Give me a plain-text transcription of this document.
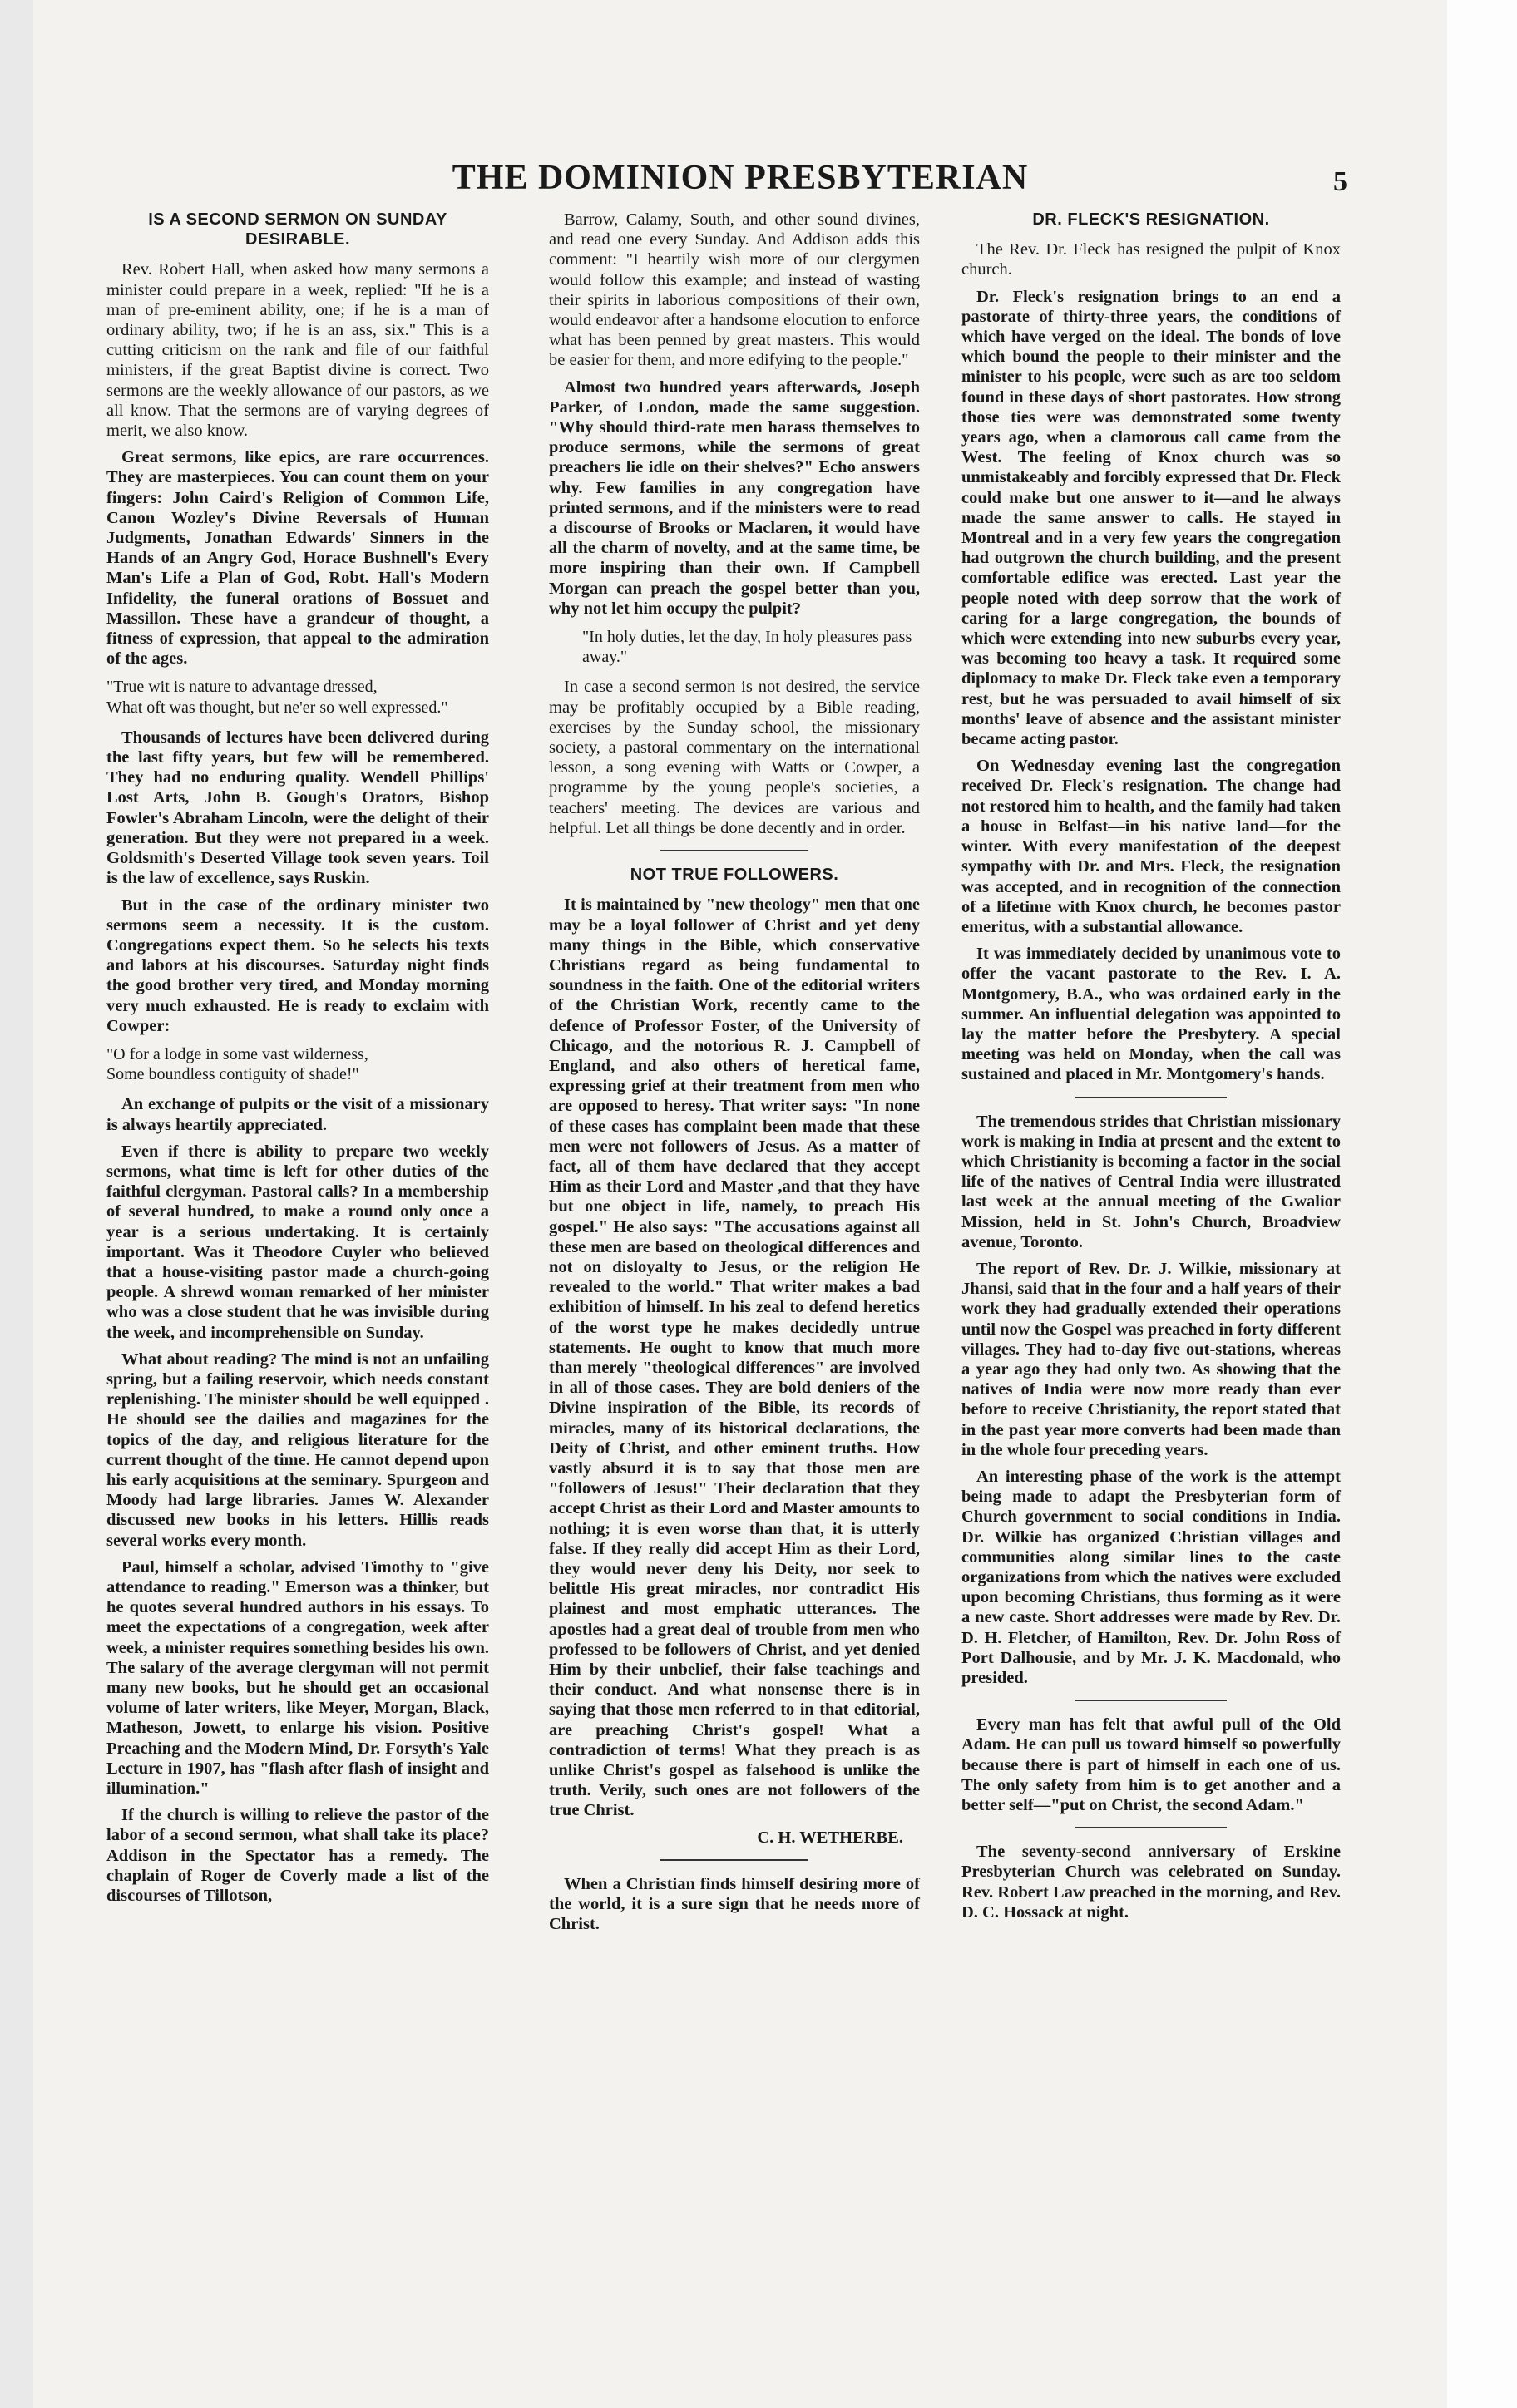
THE DOMINION PRESBYTERIAN	5
IS A SECOND SERMON ON SUNDAY DESIRABLE.

Rev. Robert Hall, when asked how many sermons a minister could prepare in a week, replied: "If he is a man of pre-eminent ability, one; if he is a man of ordinary ability, two; if he is an ass, six." This is a cutting criticism on the rank and file of our faithful ministers, if the great Baptist divine is correct. Two sermons are the weekly allowance of our pastors, as we all know. That the sermons are of varying degrees of merit, we also know.

Great sermons, like epics, are rare occurrences. They are masterpieces. You can count them on your fingers: John Caird's Religion of Common Life, Canon Wozley's Divine Reversals of Human Judgments, Jonathan Edwards' Sinners in the Hands of an Angry God, Horace Bushnell's Every Man's Life a Plan of God, Robt. Hall's Modern Infidelity, the funeral orations of Bossuet and Massillon. These have a grandeur of thought, a fitness of expression, that appeal to the admiration of the ages.

"True wit is nature to advantage dressed,
What oft was thought, but ne'er so well expressed."

Thousands of lectures have been delivered during the last fifty years, but few will be remembered. They had no enduring quality. Wendell Phillips' Lost Arts, John B. Gough's Orators, Bishop Fowler's Abraham Lincoln, were the delight of their generation. But they were not prepared in a week. Goldsmith's Deserted Village took seven years. Toil is the law of excellence, says Ruskin.

But in the case of the ordinary minister two sermons seem a necessity. It is the custom. Congregations expect them. So he selects his texts and labors at his discourses. Saturday night finds the good brother very tired, and Monday morning very much exhausted. He is ready to exclaim with Cowper:

"O for a lodge in some vast wilderness,
Some boundless contiguity of shade!"

An exchange of pulpits or the visit of a missionary is always heartily appreciated.

Even if there is ability to prepare two weekly sermons, what time is left for other duties of the faithful clergyman. Pastoral calls? In a membership of several hundred, to make a round only once a year is a serious undertaking. It is certainly important. Was it Theodore Cuyler who believed that a house-visiting pastor made a church-going people. A shrewd woman remarked of her minister who was a close student that he was invisible during the week, and incomprehensible on Sunday.

What about reading? The mind is not an unfailing spring, but a failing reservoir, which needs constant replenishing. The minister should be well equipped . He should see the dailies and magazines for the topics of the day, and religious literature for the current thought of the time. He cannot depend upon his early acquisitions at the seminary. Spurgeon and Moody had large libraries. James W. Alexander discussed new books in his letters. Hillis reads several works every month.

Paul, himself a scholar, advised Timothy to "give attendance to reading." Emerson was a thinker, but he quotes several hundred authors in his essays. To meet the expectations of a congregation, week after week, a minister requires something besides his own. The salary of the average clergyman will not permit many new books, but he should get an occasional volume of later writers, like Meyer, Morgan, Black, Matheson, Jowett, to enlarge his vision. Positive Preaching and the Modern Mind, Dr. Forsyth's Yale Lecture in 1907, has "flash after flash of insight and illumination."

If the church is willing to relieve the pastor of the labor of a second sermon, what shall take its place? Addison in the Spectator has a remedy. The chaplain of Roger de Coverly made a list of the discourses of Tillotson,

Barrow, Calamy, South, and other sound divines, and read one every Sunday. And Addison adds this comment: "I heartily wish more of our clergymen would follow this example; and instead of wasting their spirits in laborious compositions of their own, would endeavor after a handsome elocution to enforce what has been penned by great masters. This would be easier for them, and more edifying to the people."

Almost two hundred years afterwards, Joseph Parker, of London, made the same suggestion. "Why should third-rate men harass themselves to produce sermons, while the sermons of great preachers lie idle on their shelves?" Echo answers why. Few families in any congregation have printed sermons, and if the ministers were to read a discourse of Brooks or Maclaren, it would have all the charm of novelty, and at the same time, be more inspiring than their own. If Campbell Morgan can preach the gospel better than you, why not let him occupy the pulpit?

"In holy duties, let the day, In holy pleasures pass away."

In case a second sermon is not desired, the service may be profitably occupied by a Bible reading, exercises by the Sunday school, the missionary society, a pastoral commentary on the international lesson, a song evening with Watts or Cowper, a programme by the young people's societies, a teachers' meeting. The devices are various and helpful. Let all things be done decently and in order.

NOT TRUE FOLLOWERS.

It is maintained by "new theology" men that one may be a loyal follower of Christ and yet deny many things in the Bible, which conservative Christians regard as being fundamental to soundness in the faith. One of the editorial writers of the Christian Work, recently came to the defence of Professor Foster, of the University of Chicago, and the notorious R. J. Campbell of England, and also others of heretical fame, expressing grief at their treatment from men who are opposed to heresy. That writer says: "In none of these cases has complaint been made that these men were not followers of Jesus. As a matter of fact, all of them have declared that they accept Him as their Lord and Master ,and that they have but one object in life, namely, to preach His gospel." He also says: "The accusations against all these men are based on theological differences and not on disloyalty to Jesus, or the religion He revealed to the world." That writer makes a bad exhibition of himself. In his zeal to defend heretics of the worst type he makes decidedly untrue statements. He ought to know that much more than merely "theological differences" are involved in all of those cases. They are bold deniers of the Divine inspiration of the Bible, its records of miracles, many of its historical declarations, the Deity of Christ, and other eminent truths. How vastly absurd it is to say that those men are "followers of Jesus!" Their declaration that they accept Christ as their Lord and Master amounts to nothing; it is even worse than that, it is utterly false. If they really did accept Him as their Lord, they would never deny his Deity, nor seek to belittle His great miracles, nor contradict His plainest and most emphatic utterances. The apostles had a great deal of trouble from men who professed to be followers of Christ, and yet denied Him by their unbelief, their false teachings and their conduct. And what nonsense there is in saying that those men referred to in that editorial, are preaching Christ's gospel! What a contradiction of terms! What they preach is as unlike Christ's gospel as falsehood is unlike the truth. Verily, such ones are not followers of the true Christ.

C. H. WETHERBE.

When a Christian finds himself desiring more of the world, it is a sure sign that he needs more of Christ.

DR. FLECK'S RESIGNATION.

The Rev. Dr. Fleck has resigned the pulpit of Knox church.

Dr. Fleck's resignation brings to an end a pastorate of thirty-three years, the conditions of which have verged on the ideal. The bonds of love which bound the people to their minister and the minister to his people, were such as are too seldom found in these days of short pastorates. How strong those ties were was demonstrated some twenty years ago, when a clamorous call came from the West. The feeling of Knox church was so unmistakeably and forcibly expressed that Dr. Fleck could make but one answer to it—and he always made the same answer to calls. He stayed in Montreal and in a very few years the congregation had outgrown the church building, and the present comfortable edifice was erected. Last year the people noted with deep sorrow that the work of caring for a large congregation, the bounds of which were extending into new suburbs every year, was becoming too heavy a task. It required some diplomacy to make Dr. Fleck take even a temporary rest, but he was persuaded to avail himself of six months' leave of absence and the assistant minister became acting pastor.

On Wednesday evening last the congregation received Dr. Fleck's resignation. The change had not restored him to health, and the family had taken a house in Belfast—in his native land—for the winter. With every manifestation of the deepest sympathy with Dr. and Mrs. Fleck, the resignation was accepted, and in recognition of the connection of a lifetime with Knox church, he becomes pastor emeritus, with a substantial allowance.

It was immediately decided by unanimous vote to offer the vacant pastorate to the Rev. I. A. Montgomery, B.A., who was ordained early in the summer. An influential delegation was appointed to lay the matter before the Presbytery. A special meeting was held on Monday, when the call was sustained and placed in Mr. Montgomery's hands.

The tremendous strides that Christian missionary work is making in India at present and the extent to which Christianity is becoming a factor in the social life of the natives of Central India were illustrated last week at the annual meeting of the Gwalior Mission, held in St. John's Church, Broadview avenue, Toronto.

The report of Rev. Dr. J. Wilkie, missionary at Jhansi, said that in the four and a half years of their work they had gradually extended their operations until now the Gospel was preached in forty different villages. They had to-day five out-stations, whereas a year ago they had only two. As showing that the natives of India were now more ready than ever before to receive Christianity, the report stated that in the past year more converts had been made than in the whole four preceding years.

An interesting phase of the work is the attempt being made to adapt the Presbyterian form of Church government to social conditions in India. Dr. Wilkie has organized Christian villages and communities along similar lines to the caste organizations from which the natives were excluded upon becoming Christians, thus forming as it were a new caste. Short addresses were made by Rev. Dr. D. H. Fletcher, of Hamilton, Rev. Dr. John Ross of Port Dalhousie, and by Mr. J. K. Macdonald, who presided.

Every man has felt that awful pull of the Old Adam. He can pull us toward himself so powerfully because there is part of himself in each one of us. The only safety from him is to get another and a better self—"put on Christ, the second Adam."

The seventy-second anniversary of Erskine Presbyterian Church was celebrated on Sunday. Rev. Robert Law preached in the morning, and Rev. D. C. Hossack at night.
